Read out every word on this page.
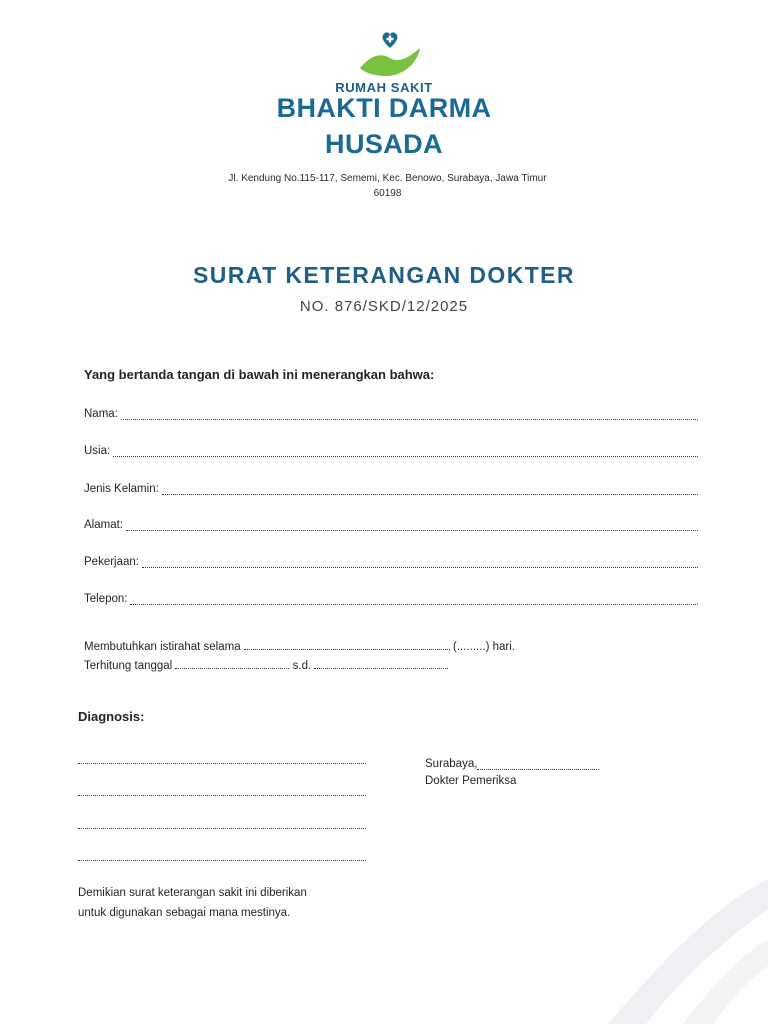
RUMAH SAKIT
BHAKTI DARMA
HUSADA
Jl. Kendung No.115-117, Sememi, Kec. Benowo, Surabaya, Jawa Timur
60198
SURAT KETERANGAN DOKTER
NO. 876/SKD/12/2025
Yang bertanda tangan di bawah ini menerangkan bahwa:
Nama:
Usia:
Jenis Kelamin:
Alamat:
Pekerjaan:
Telepon:
Membutuhkan istirahat selama	(.........) hari.
Terhitung tanggal	s.d.
Diagnosis:
Surabaya,
Dokter Pemeriksa
Demikian surat keterangan sakit ini diberikan
untuk digunakan sebagai mana mestinya.
